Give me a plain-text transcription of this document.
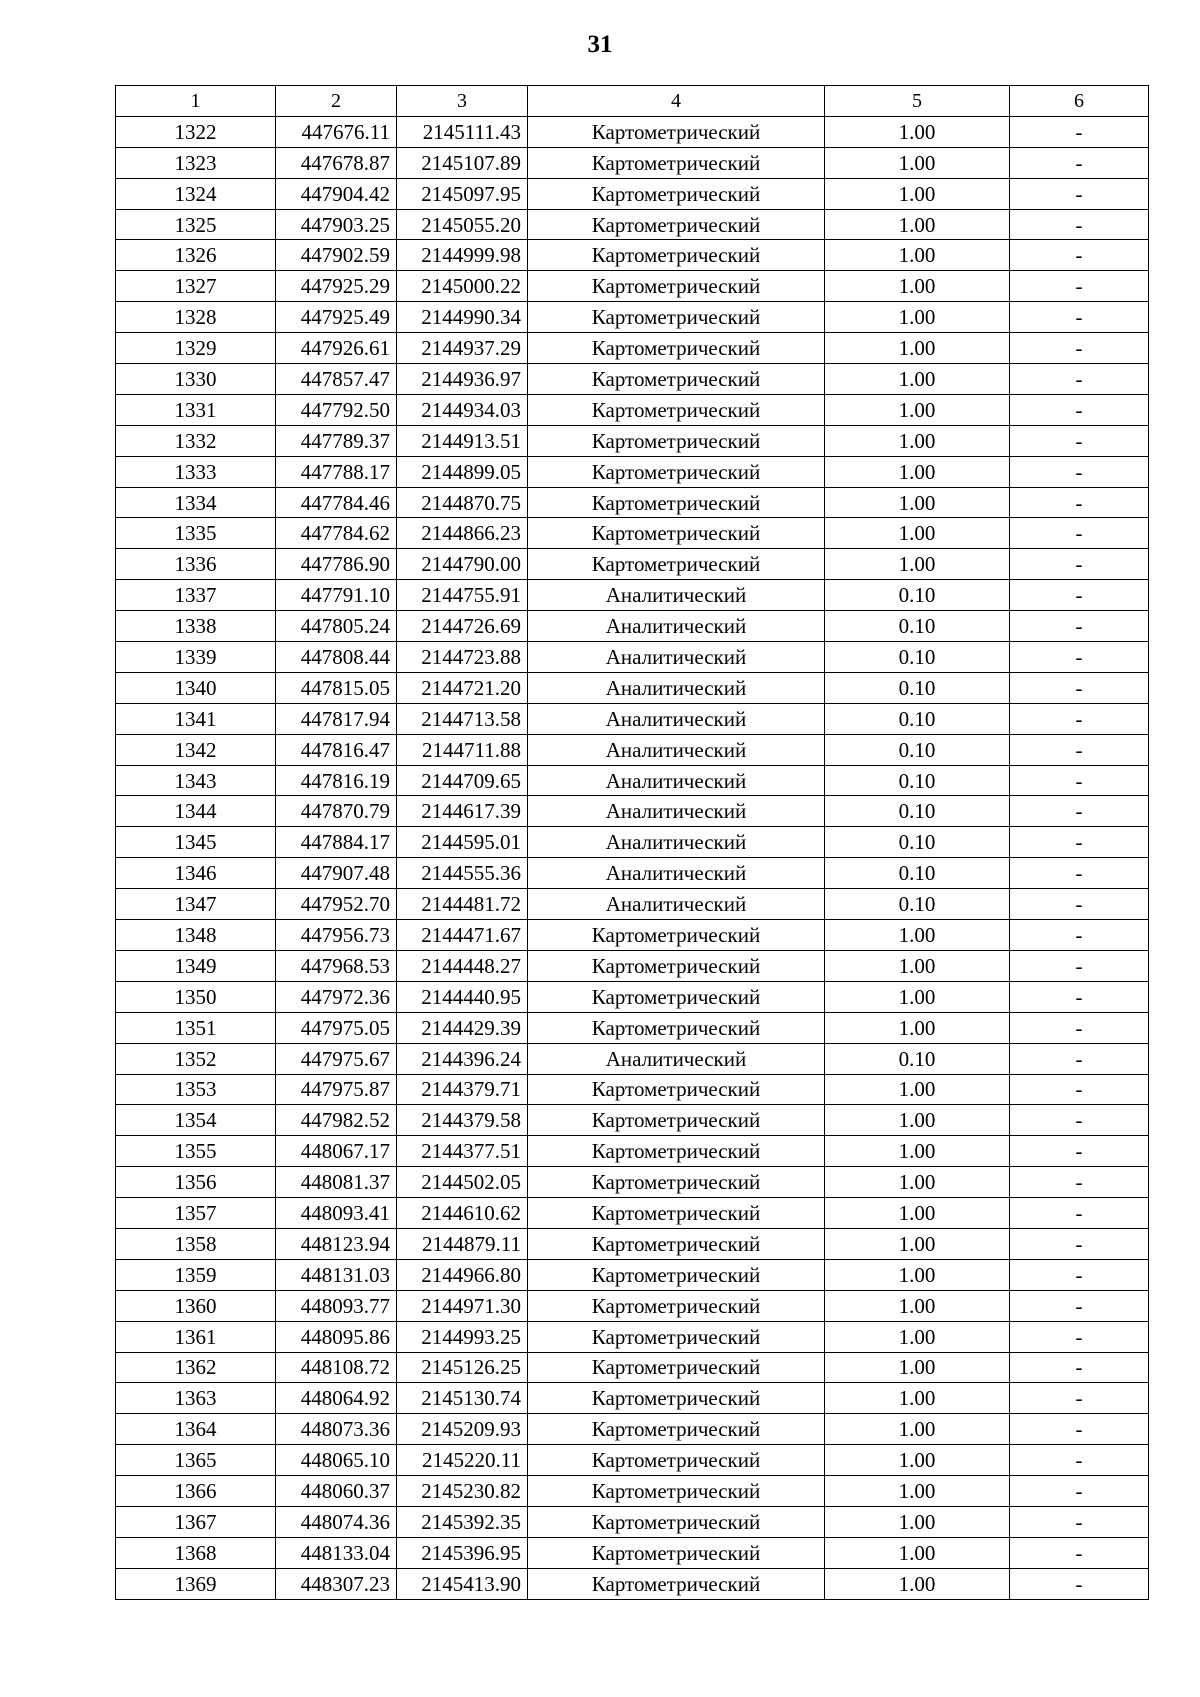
31
1	2	3	4	5	6
1322	447676.11	2145111.43	Картометрический	1.00	-
1323	447678.87	2145107.89	Картометрический	1.00	-
1324	447904.42	2145097.95	Картометрический	1.00	-
1325	447903.25	2145055.20	Картометрический	1.00	-
1326	447902.59	2144999.98	Картометрический	1.00	-
1327	447925.29	2145000.22	Картометрический	1.00	-
1328	447925.49	2144990.34	Картометрический	1.00	-
1329	447926.61	2144937.29	Картометрический	1.00	-
1330	447857.47	2144936.97	Картометрический	1.00	-
1331	447792.50	2144934.03	Картометрический	1.00	-
1332	447789.37	2144913.51	Картометрический	1.00	-
1333	447788.17	2144899.05	Картометрический	1.00	-
1334	447784.46	2144870.75	Картометрический	1.00	-
1335	447784.62	2144866.23	Картометрический	1.00	-
1336	447786.90	2144790.00	Картометрический	1.00	-
1337	447791.10	2144755.91	Аналитический	0.10	-
1338	447805.24	2144726.69	Аналитический	0.10	-
1339	447808.44	2144723.88	Аналитический	0.10	-
1340	447815.05	2144721.20	Аналитический	0.10	-
1341	447817.94	2144713.58	Аналитический	0.10	-
1342	447816.47	2144711.88	Аналитический	0.10	-
1343	447816.19	2144709.65	Аналитический	0.10	-
1344	447870.79	2144617.39	Аналитический	0.10	-
1345	447884.17	2144595.01	Аналитический	0.10	-
1346	447907.48	2144555.36	Аналитический	0.10	-
1347	447952.70	2144481.72	Аналитический	0.10	-
1348	447956.73	2144471.67	Картометрический	1.00	-
1349	447968.53	2144448.27	Картометрический	1.00	-
1350	447972.36	2144440.95	Картометрический	1.00	-
1351	447975.05	2144429.39	Картометрический	1.00	-
1352	447975.67	2144396.24	Аналитический	0.10	-
1353	447975.87	2144379.71	Картометрический	1.00	-
1354	447982.52	2144379.58	Картометрический	1.00	-
1355	448067.17	2144377.51	Картометрический	1.00	-
1356	448081.37	2144502.05	Картометрический	1.00	-
1357	448093.41	2144610.62	Картометрический	1.00	-
1358	448123.94	2144879.11	Картометрический	1.00	-
1359	448131.03	2144966.80	Картометрический	1.00	-
1360	448093.77	2144971.30	Картометрический	1.00	-
1361	448095.86	2144993.25	Картометрический	1.00	-
1362	448108.72	2145126.25	Картометрический	1.00	-
1363	448064.92	2145130.74	Картометрический	1.00	-
1364	448073.36	2145209.93	Картометрический	1.00	-
1365	448065.10	2145220.11	Картометрический	1.00	-
1366	448060.37	2145230.82	Картометрический	1.00	-
1367	448074.36	2145392.35	Картометрический	1.00	-
1368	448133.04	2145396.95	Картометрический	1.00	-
1369	448307.23	2145413.90	Картометрический	1.00	-
